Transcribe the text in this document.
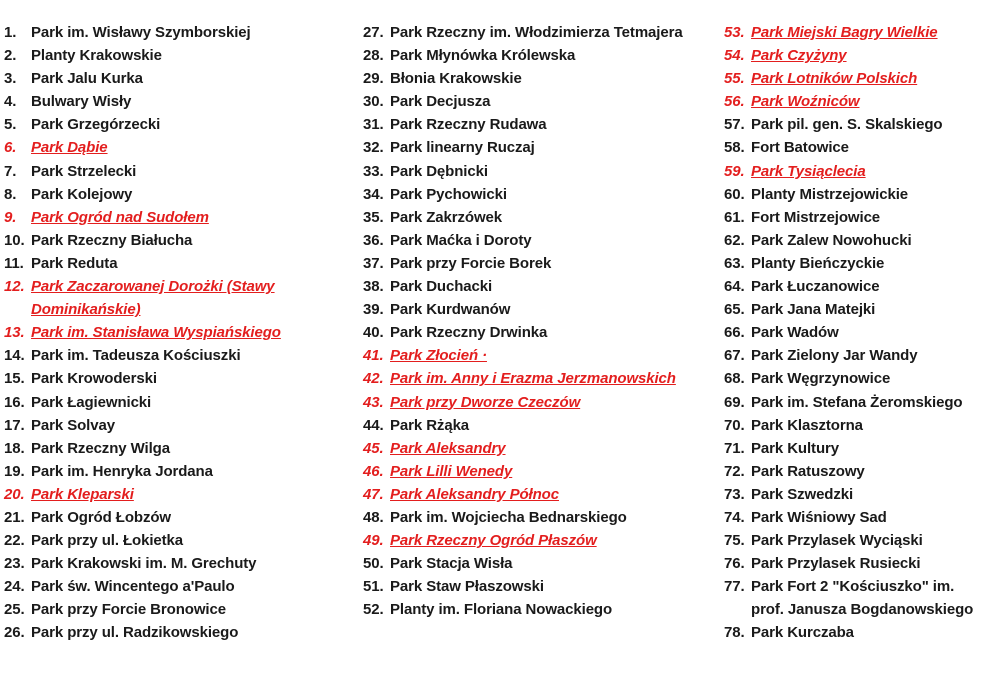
1. Park im. Wisławy Szymborskiej
2. Planty Krakowskie
3. Park Jalu Kurka
4. Bulwary Wisły
5. Park Grzegórzecki
6. Park Dąbie
7. Park Strzelecki
8. Park Kolejowy
9. Park Ogród nad Sudołem
10. Park Rzeczny Białucha
11. Park Reduta
12. Park Zaczarowanej Dorożki (Stawy Dominikańskie)
13. Park im. Stanisława Wyspiańskiego
14. Park im. Tadeusza Kościuszki
15. Park Krowoderski
16. Park Łagiewnicki
17. Park Solvay
18. Park Rzeczny Wilga
19. Park im. Henryka Jordana
20. Park Kleparski
21. Park Ogród Łobzów
22. Park przy ul. Łokietka
23. Park Krakowski im. M. Grechuty
24. Park św. Wincentego a'Paulo
25. Park przy Forcie Bronowice
26. Park przy ul. Radzikowskiego
27. Park Rzeczny im. Włodzimierza Tetmajera
28. Park Młynówka Królewska
29. Błonia Krakowskie
30. Park Decjusza
31. Park Rzeczny Rudawa
32. Park linearny Ruczaj
33. Park Dębnicki
34. Park Pychowicki
35. Park Zakrzówek
36. Park Maćka i Doroty
37. Park przy Forcie Borek
38. Park Duchacki
39. Park Kurdwanów
40. Park Rzeczny Drwinka
41. Park Złocień ·
42. Park im. Anny i Erazma Jerzmanowskich
43. Park przy Dworze Czeczów
44. Park Rżąka
45. Park Aleksandry
46. Park Lilli Wenedy
47. Park Aleksandry Północ
48. Park im. Wojciecha Bednarskiego
49. Park Rzeczny Ogród Płaszów
50. Park Stacja Wisła
51. Park Staw Płaszowski
52. Planty im. Floriana Nowackiego
53. Park Miejski Bagry Wielkie
54. Park Czyżyny
55. Park Lotników Polskich
56. Park Woźniców
57. Park pil. gen. S. Skalskiego
58. Fort Batowice
59. Park Tysiąclecia
60. Planty Mistrzejowickie
61. Fort Mistrzejowice
62. Park Zalew Nowohucki
63. Planty Bieńczyckie
64. Park Łuczanowice
65. Park Jana Matejki
66. Park Wadów
67. Park Zielony Jar Wandy
68. Park Węgrzynowice
69. Park im. Stefana Żeromskiego
70. Park Klasztorna
71. Park Kultury
72. Park Ratuszowy
73. Park Szwedzki
74. Park Wiśniowy Sad
75. Park Przylasek Wyciąski
76. Park Przylasek Rusiecki
77. Park Fort 2 "Kościuszko" im. prof. Janusza Bogdanowskiego
78. Park Kurczaba
